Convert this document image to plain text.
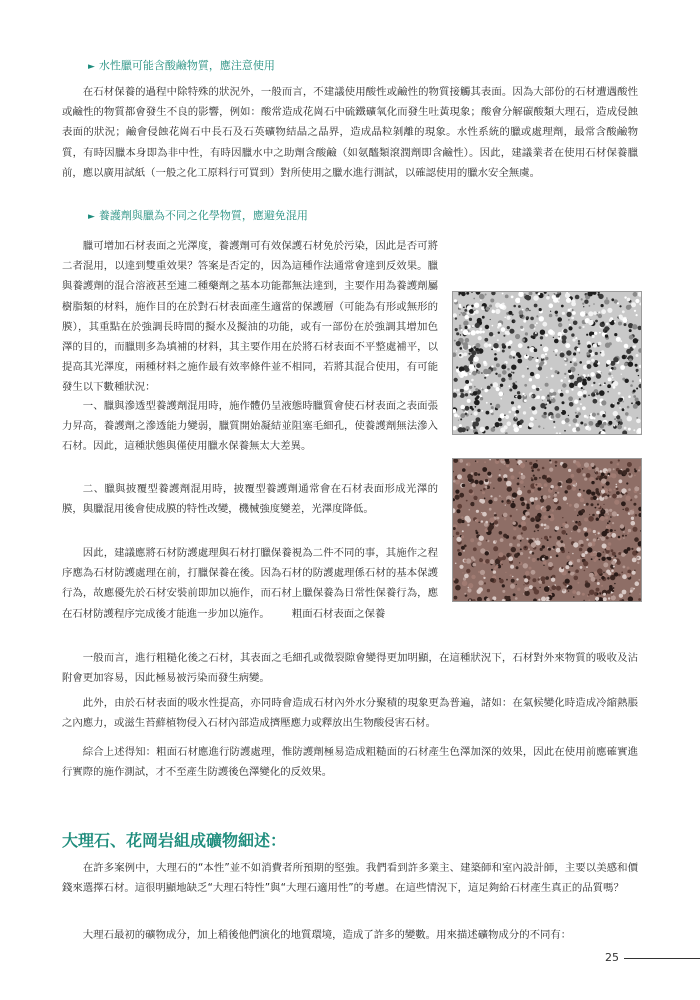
► 水性臘可能含酸鹼物質，應注意使用

在石材保養的過程中除特殊的狀況外，一般而言，不建議使用酸性或鹼性的物質接觸其表面。因為大部份的石材遭遇酸性或鹼性的物質都會發生不良的影響，例如：酸常造成花崗石中硫鐵礦氧化而發生吐黃現象；酸會分解碳酸類大理石，造成侵蝕表面的狀況；鹼會侵蝕花崗石中長石及石英礦物結晶之晶界，造成晶粒剝離的現象。水性系統的臘或處理劑，最常含酸鹼物質，有時因臘本身即為非中性，有時因臘水中之助劑含酸鹼（如氨醯類滾潤劑即含鹼性）。因此，建議業者在使用石材保養臘前，應以廣用試紙（一般之化工原料行可買到）對所使用之臘水進行測試，以確認使用的臘水安全無虞。

► 養護劑與臘為不同之化學物質，應避免混用

臘可增加石材表面之光澤度，養護劑可有效保護石材免於污染，因此是否可將二者混用，以達到雙重效果？答案是否定的，因為這種作法通常會達到反效果。臘與養護劑的混合溶液甚至連二種藥劑之基本功能都無法達到，主要作用為養護劑屬樹脂類的材料，施作目的在於對石材表面產生適當的保護層（可能為有形或無形的膜），其重點在於強調長時間的擬水及擬油的功能，或有一部份在於強調其增加色澤的目的，而臘則多為填補的材料，其主要作用在於將石材表面不平整處補平，以提高其光澤度，兩種材料之施作最有效率條件並不相同，若將其混合使用，有可能發生以下數種狀況：

一、臘與滲透型養護劑混用時，施作體仍呈液態時臘質會使石材表面之表面張力昇高，養護劑之滲透能力變弱，臘質開始凝結並阻塞毛細孔，使養護劑無法滲入石材。因此，這種狀態與僅使用臘水保養無太大差異。

二、臘與披覆型養護劑混用時，披覆型養護劑通常會在石材表面形成光澤的膜，與臘混用後會使成膜的特性改變，機械強度變差，光澤度降低。

因此，建議應將石材防護處理與石材打臘保養視為二件不同的事，其施作之程序應為石材防護處理在前，打臘保養在後。因為石材的防護處理係石材的基本保護行為，故應優先於石材安裝前即加以施作，而石材上臘保養為日常性保養行為，應在石材防護程序完成後才能進一步加以施作。 粗面石材表面之保養

一般而言，進行粗糙化後之石材，其表面之毛細孔或微裂隙會變得更加明顯，在這種狀況下，石材對外來物質的吸收及沾附會更加容易，因此極易被污染而發生病變。

此外，由於石材表面的吸水性提高，亦同時會造成石材內外水分聚積的現象更為普遍，諸如：在氣候變化時造成冷縮熱脹之內應力，或滋生苔蘚植物侵入石材內部造成擠壓應力或釋放出生物酸侵害石材。

綜合上述得知：粗面石材應進行防護處理，惟防護劑極易造成粗糙面的石材產生色澤加深的效果，因此在使用前應確實進行實際的施作測試，才不至產生防護後色澤變化的反效果。

大理石、花岡岩組成礦物細述：

在許多案例中，大理石的“本性”並不如消費者所預期的堅強。我們看到許多業主、建築師和室內設計師，主要以美感和價錢來選擇石材。這很明顯地缺乏“大理石特性”與“大理石適用性”的考慮。在這些情況下，這足夠給石材產生真正的品質嗎？

大理石最初的礦物成分，加上稍後他們演化的地質環境，造成了許多的變數。用來描述礦物成分的不同有：

25
